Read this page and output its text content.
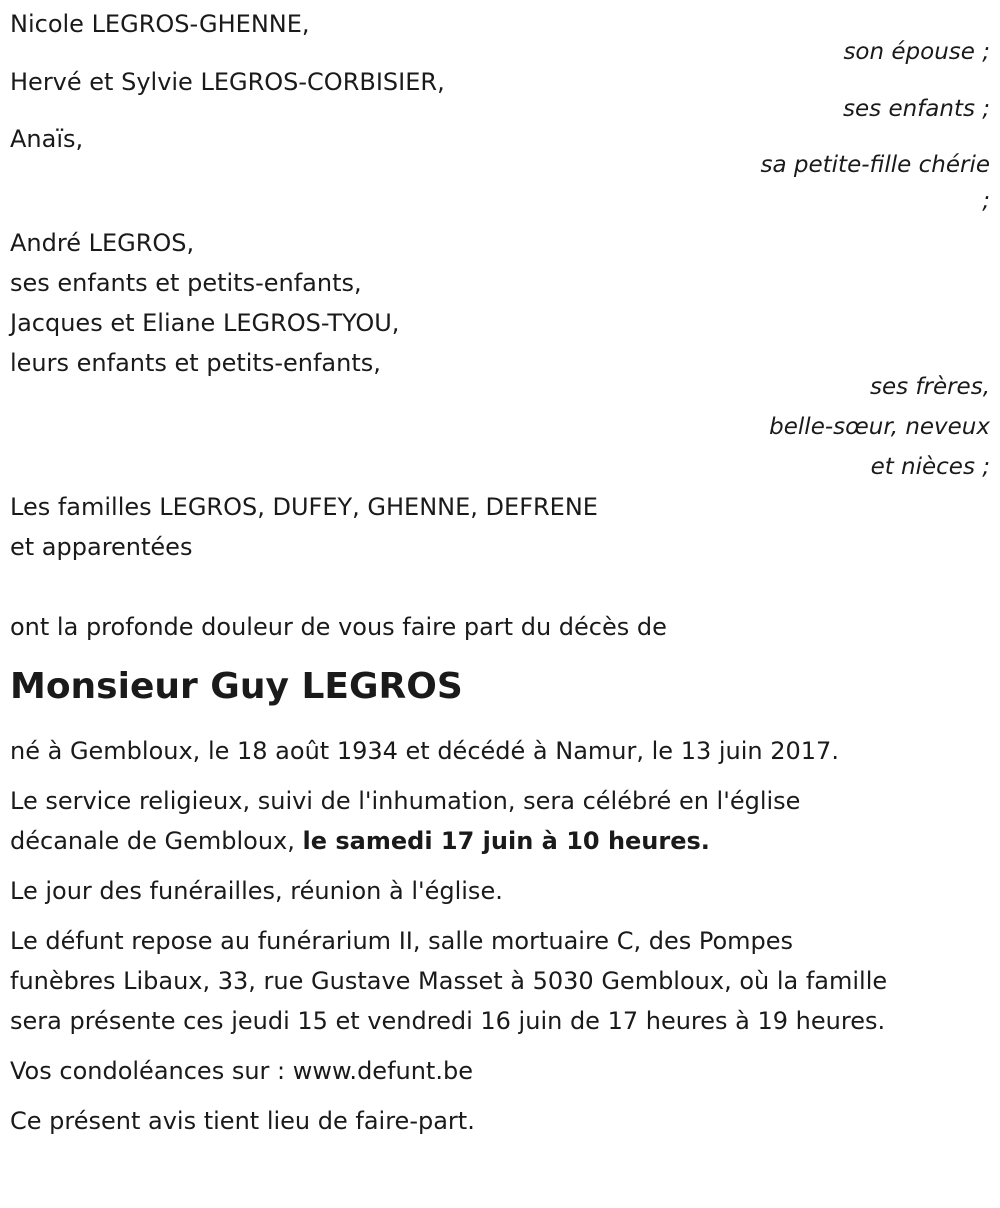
Nicole LEGROS-GHENNE,
son épouse ;
Hervé et Sylvie LEGROS-CORBISIER,
ses enfants ;
Anaïs,
sa petite-fille chérie
;
André LEGROS,
ses enfants et petits-enfants,
Jacques et Eliane LEGROS-TYOU,
leurs enfants et petits-enfants,
ses frères,
belle-sœur, neveux
et nièces ;
Les familles LEGROS, DUFEY, GHENNE, DEFRENE
et apparentées
ont la profonde douleur de vous faire part du décès de
Monsieur Guy LEGROS
né à Gembloux, le 18 août 1934 et décédé à Namur, le 13 juin 2017.
Le service religieux, suivi de l'inhumation, sera célébré en l'église
décanale de Gembloux, le samedi 17 juin à 10 heures.
Le jour des funérailles, réunion à l'église.
Le défunt repose au funérarium II, salle mortuaire C, des Pompes
funèbres Libaux, 33, rue Gustave Masset à 5030 Gembloux, où la famille
sera présente ces jeudi 15 et vendredi 16 juin de 17 heures à 19 heures.
Vos condoléances sur : www.defunt.be
Ce présent avis tient lieu de faire-part.
